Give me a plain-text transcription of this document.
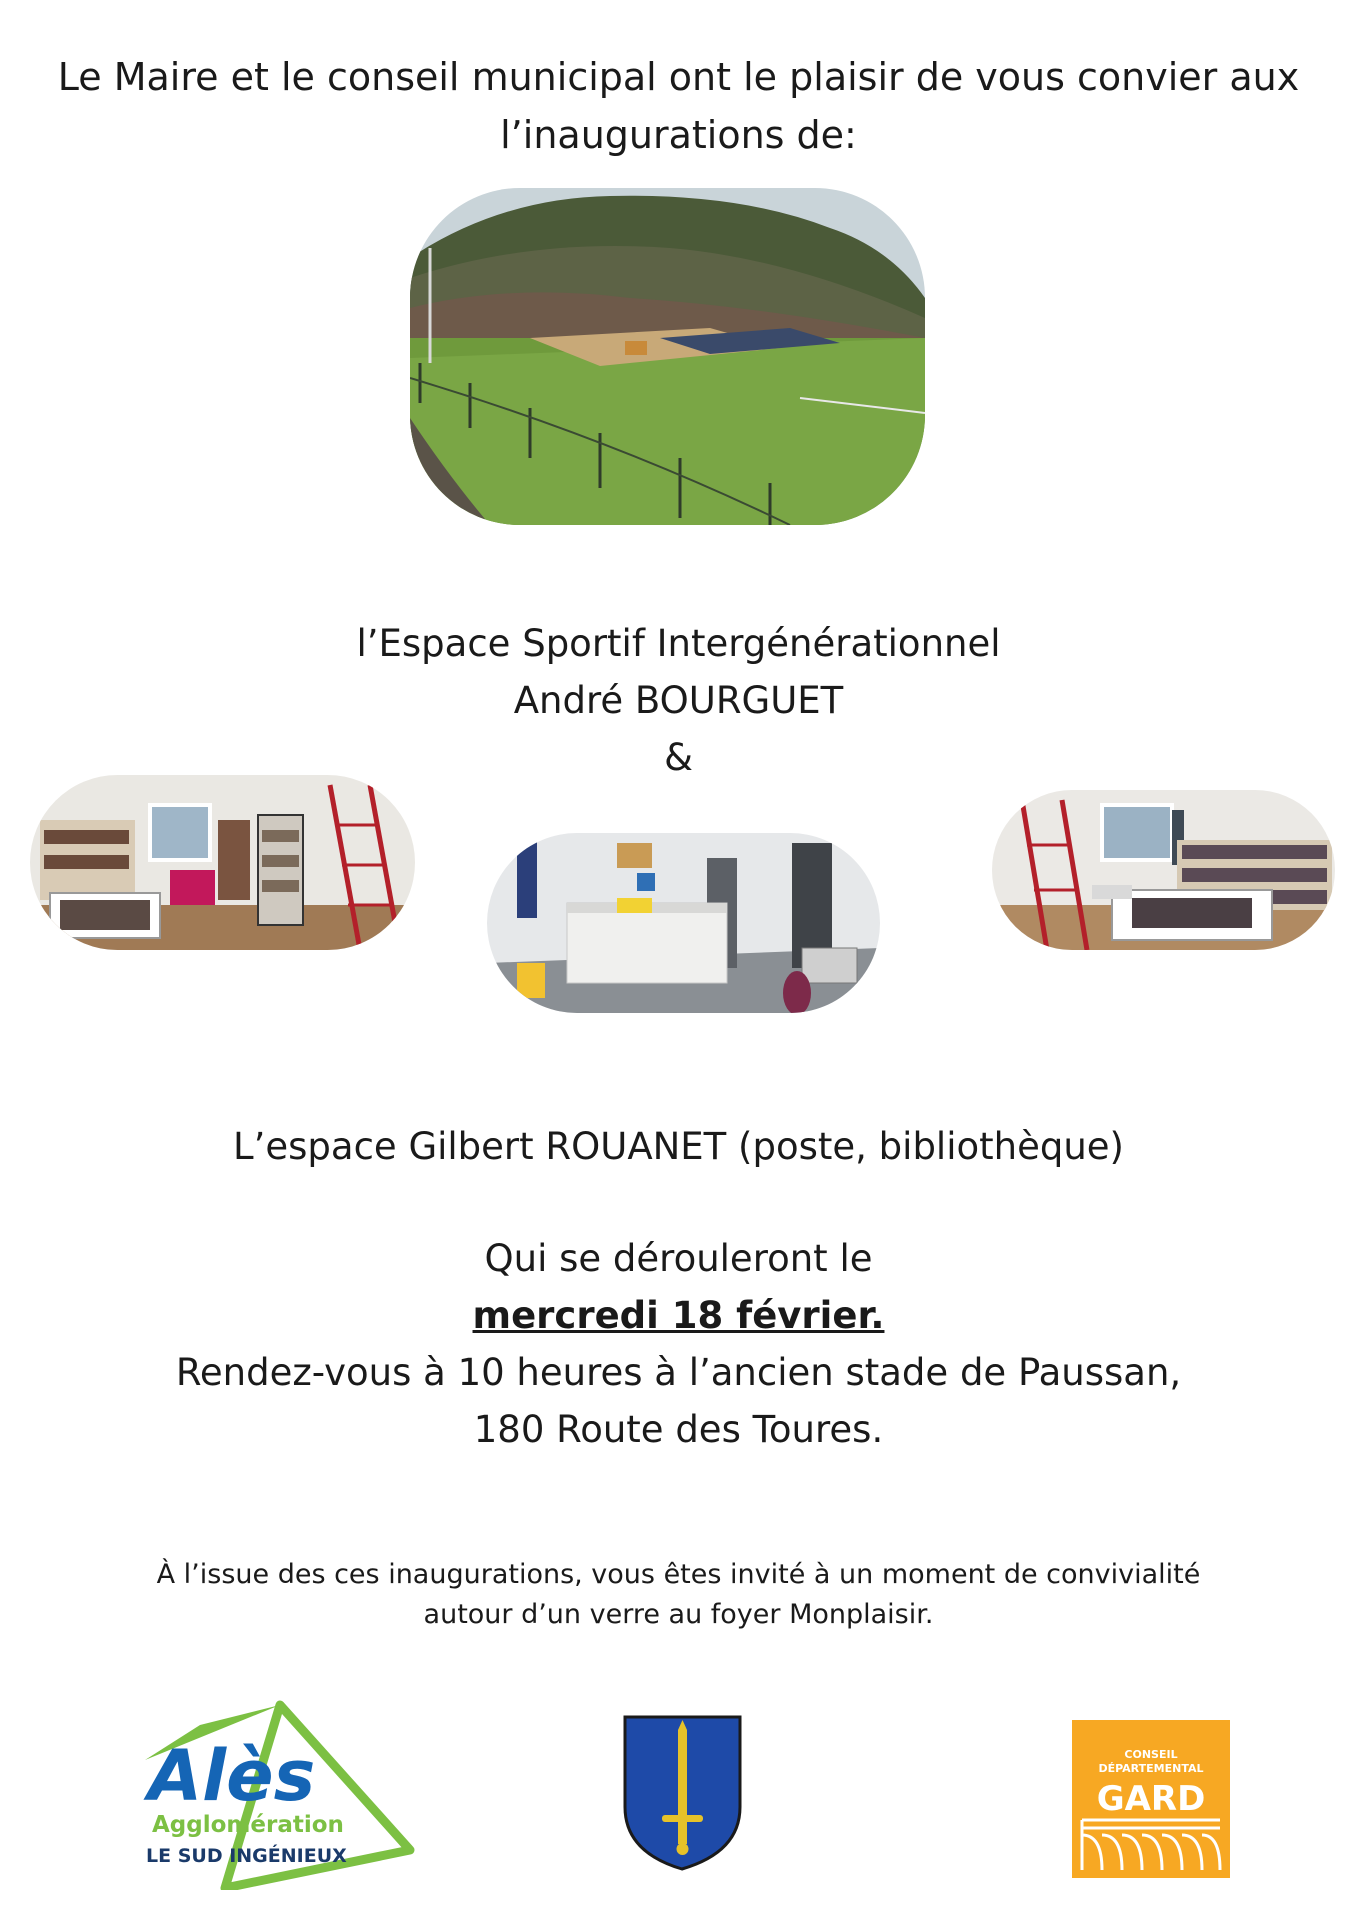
Le Maire et le conseil municipal ont le plaisir de vous convier aux
l’inaugurations de:
l’Espace Sportif Intergénérationnel
André BOURGUET
&
L’espace Gilbert ROUANET (poste, bibliothèque)
Qui se dérouleront le
mercredi 18 février.
Rendez-vous à 10 heures à l’ancien stade de Paussan,
180 Route des Toures.
À l’issue des ces inaugurations, vous êtes invité à un moment de convivialité
autour d’un verre au foyer Monplaisir.
Alès
Agglomération
LE SUD INGÉNIEUX
CONSEIL
DÉPARTEMENTAL
GARD
